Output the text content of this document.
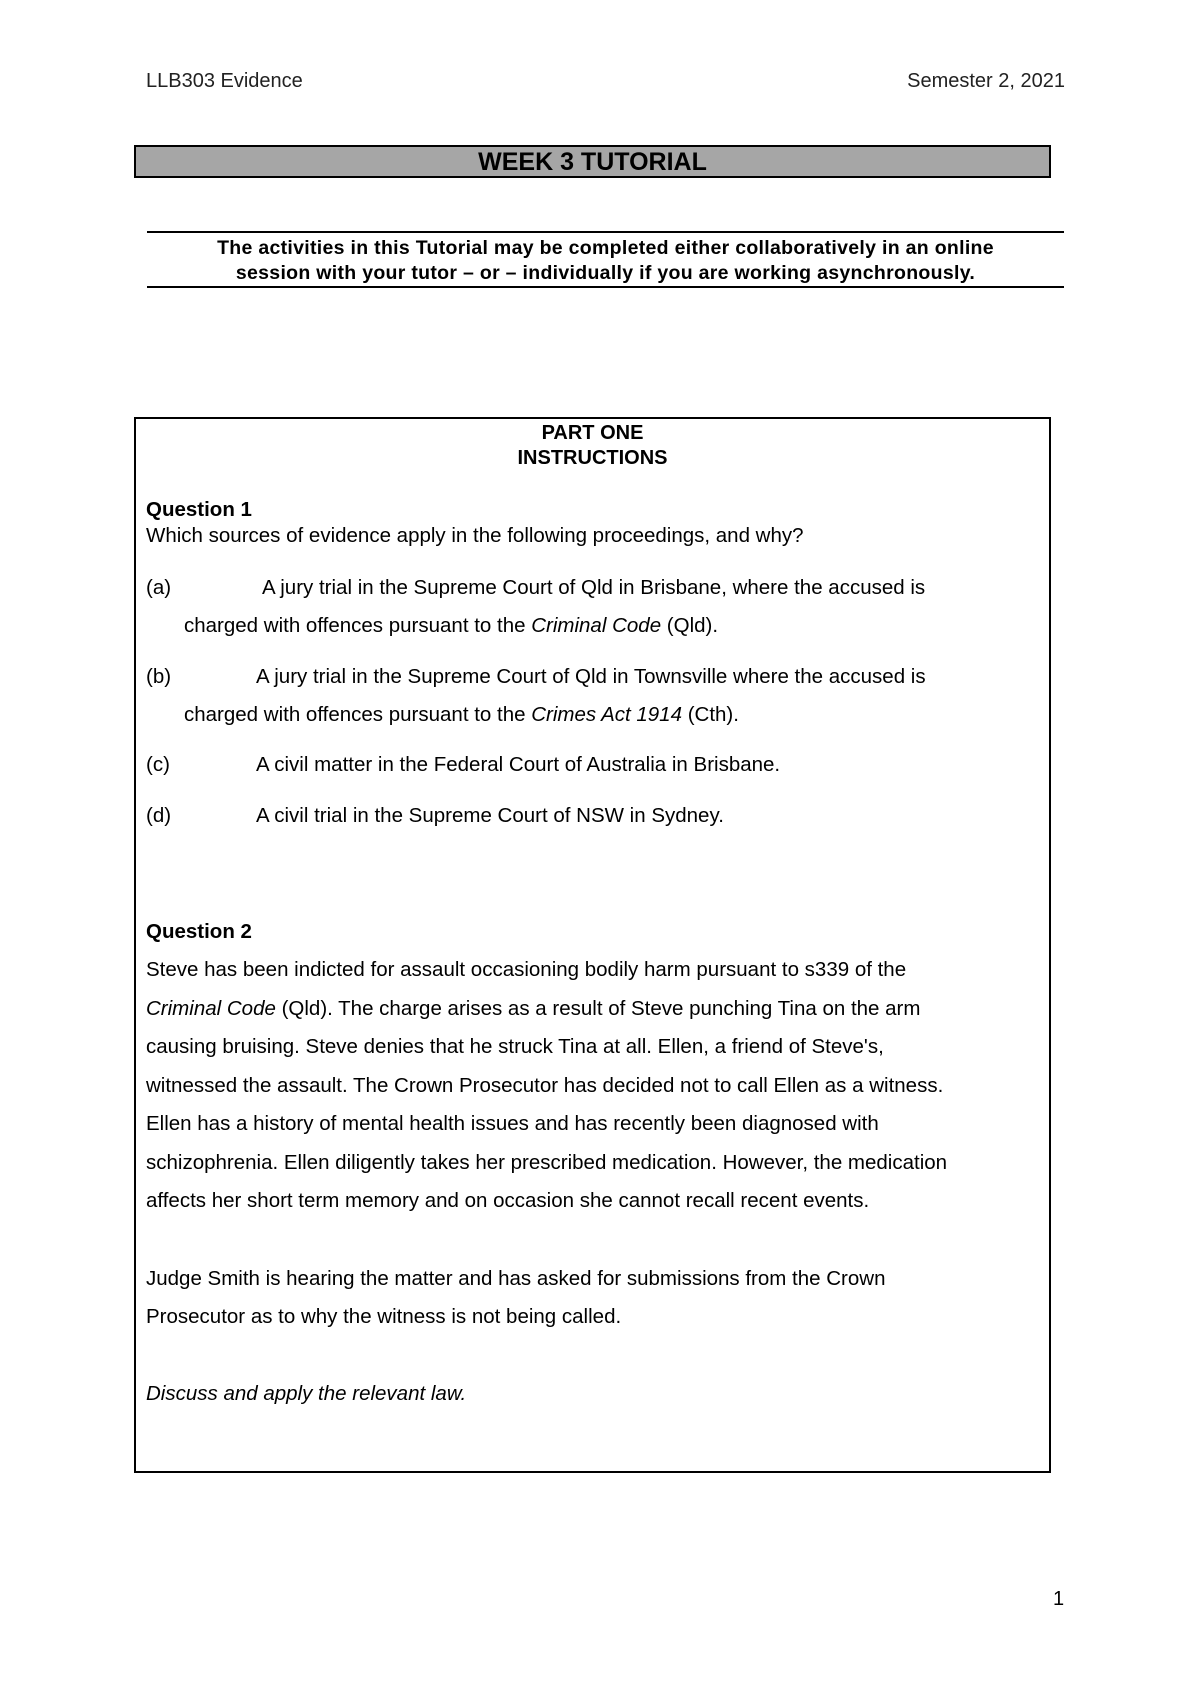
LLB303 Evidence	Semester 2, 2021
WEEK 3 TUTORIAL
The activities in this Tutorial may be completed either collaboratively in an online
session with your tutor – or – individually if you are working asynchronously.
PART ONE
INSTRUCTIONS
Question 1
Which sources of evidence apply in the following proceedings, and why?
(a)	A jury trial in the Supreme Court of Qld in Brisbane, where the accused is
charged with offences pursuant to the Criminal Code (Qld).
(b)	A jury trial in the Supreme Court of Qld in Townsville where the accused is
charged with offences pursuant to the Crimes Act 1914 (Cth).
(c)	A civil matter in the Federal Court of Australia in Brisbane.
(d)	A civil trial in the Supreme Court of NSW in Sydney.
Question 2
Steve has been indicted for assault occasioning bodily harm pursuant to s339 of the
Criminal Code (Qld). The charge arises as a result of Steve punching Tina on the arm
causing bruising. Steve denies that he struck Tina at all. Ellen, a friend of Steve's,
witnessed the assault. The Crown Prosecutor has decided not to call Ellen as a witness.
Ellen has a history of mental health issues and has recently been diagnosed with
schizophrenia. Ellen diligently takes her prescribed medication. However, the medication
affects her short term memory and on occasion she cannot recall recent events.
Judge Smith is hearing the matter and has asked for submissions from the Crown
Prosecutor as to why the witness is not being called.
Discuss and apply the relevant law.
1
